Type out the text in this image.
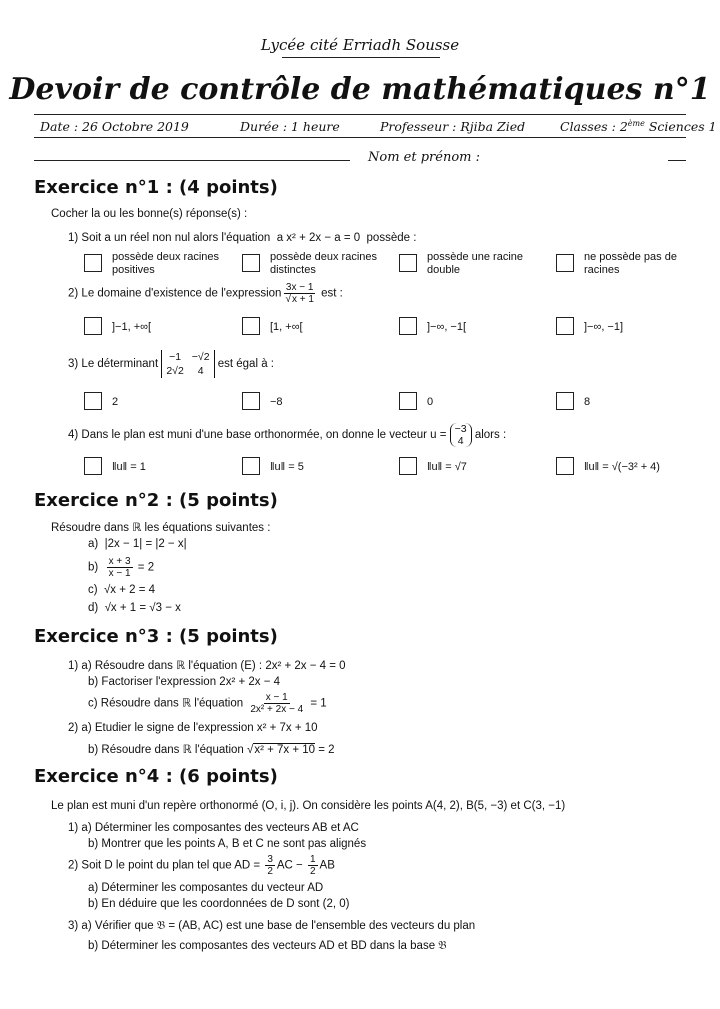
Lycée cité Erriadh Sousse
Devoir de contrôle de mathématiques n°1
Date : 26 Octobre 2019	Durée : 1 heure	Professeur : Rjiba Zied	Classes : 2ème Sciences 1
Nom et prénom :
Exercice n°1 : (4 points)
Cocher la ou les bonne(s) réponse(s) :
1) Soit a un réel non nul alors l'équation a x² + 2x − a = 0 possède :
possède deux racines positives
possède deux racines distinctes
possède une racine double
ne possède pas de racines
2) Le domaine d'existence de l'expression $\frac{3x - 1}{√x + 1}$ est :
]−1, +∞[	[1, +∞[	]−∞, −1[	]−∞, −1]
3) Le déterminant −1	−√2
2√2	4 est égal à :
2	−8	0	8
4) Dans le plan est muni d'une base orthonormée, on donne le vecteur u = −3
4 alors :
‖u‖ = 1	‖u‖ = 5	‖u‖ = √7	‖u‖ = √(−3² + 4)
Exercice n°2 : (5 points)
Résoudre dans ℝ les équations suivantes :
a) |2x − 1| = |2 − x|
$b) \frac{x + 3}{x - 1} = 2$
c) √x + 2 = 4
d) √x + 1 = √3 − x
Exercice n°3 : (5 points)
1) a) Résoudre dans ℝ l'équation (E) : 2x² + 2x − 4 = 0
b) Factoriser l'expression 2x² + 2x − 4
c) Résoudre dans ℝ l'équation $\frac{x - 1}{\text{2x² + 2x − 4}} = 1$
2) a) Etudier le signe de l'expression x² + 7x + 10
b) Résoudre dans ℝ l'équation √x² + 7x + 10 = 2
Exercice n°4 : (6 points)
Le plan est muni d'un repère orthonormé (O, i, j). On considère les points A(4, 2), B(5, −3) et C(3, −1)
1) a) Déterminer les composantes des vecteurs AB et AC
b) Montrer que les points A, B et C ne sont pas alignés
2) Soit D le point du plan tel que AD = $\frac{3}{2}$ AC − $\frac{1}{2}$ AB
a) Déterminer les composantes du vecteur AD
b) En déduire que les coordonnées de D sont (2, 0)
3) a) Vérifier que 𝔅 = (AB, AC) est une base de l'ensemble des vecteurs du plan
b) Déterminer les composantes des vecteurs AD et BD dans la base 𝔅
